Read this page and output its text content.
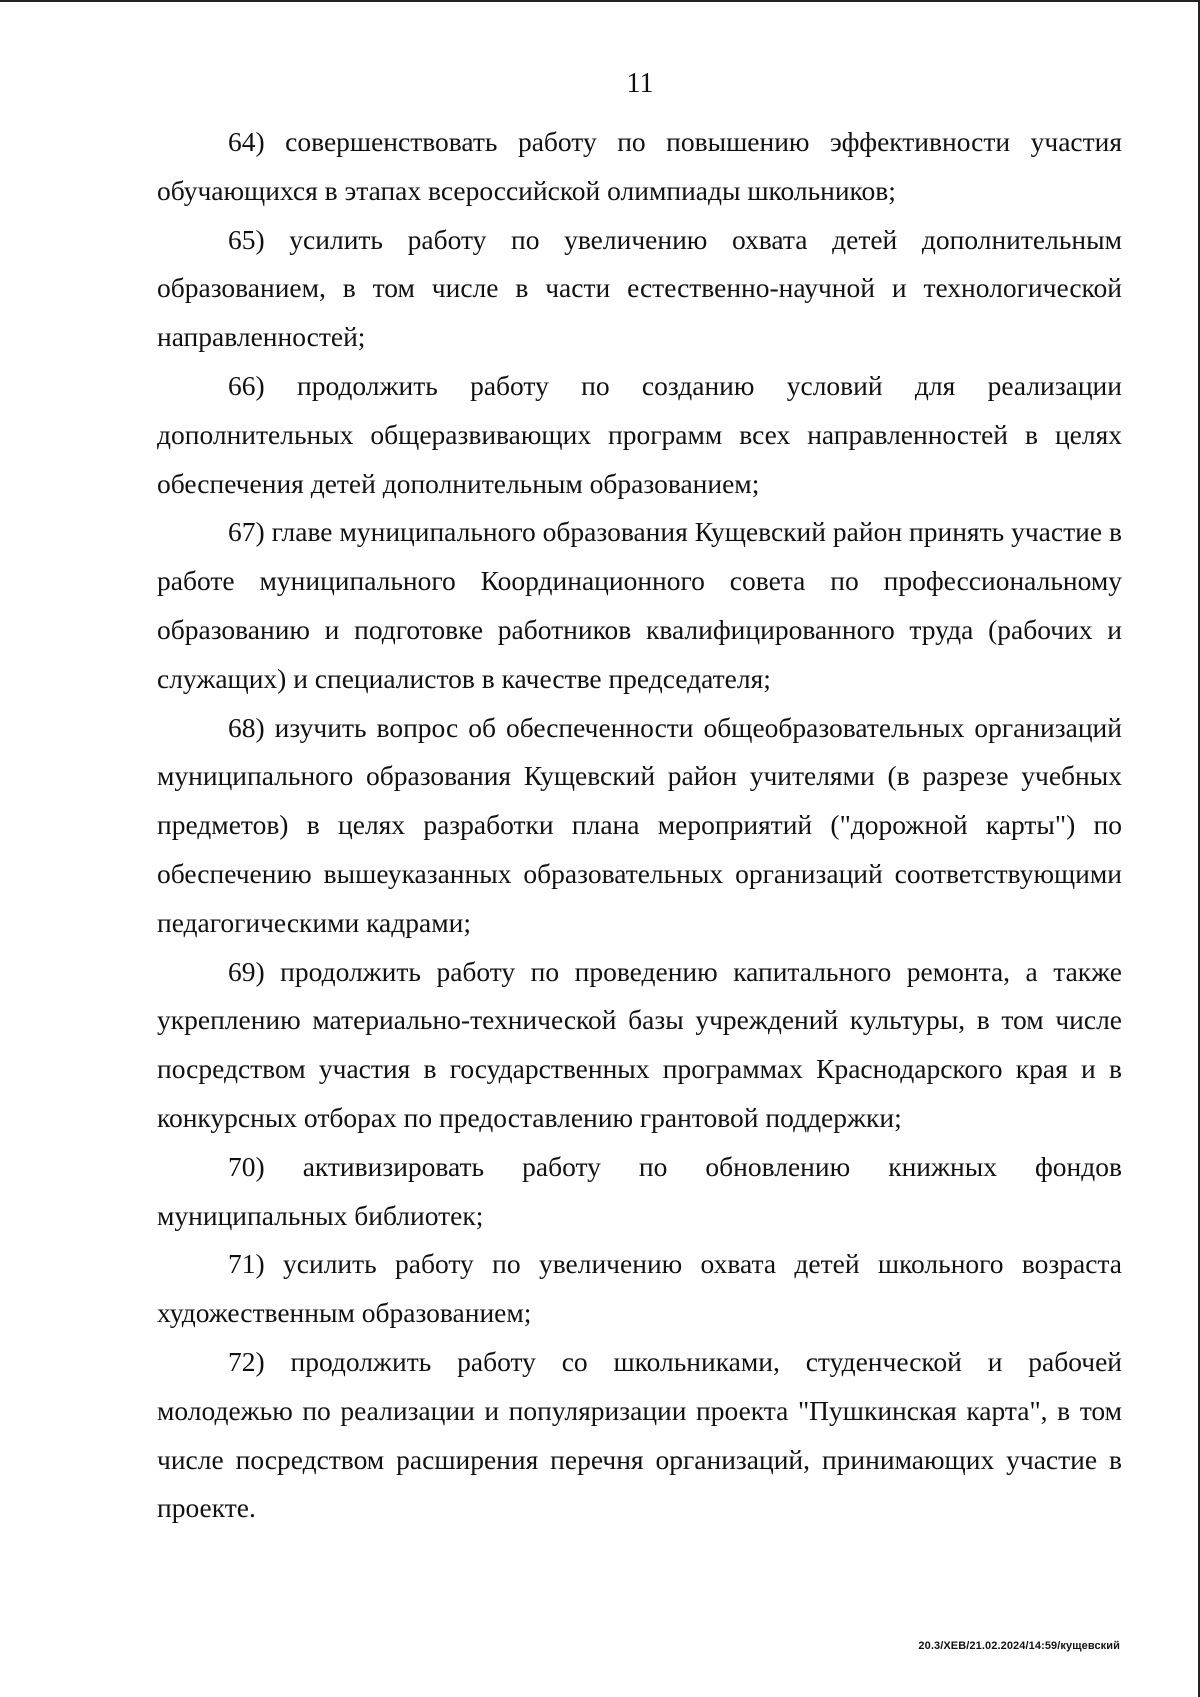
11

64) совершенствовать работу по повышению эффективности участия обучающихся в этапах всероссийской олимпиады школьников;

65) усилить работу по увеличению охвата детей дополнительным образованием, в том числе в части естественно-научной и технологической направленностей;

66) продолжить работу по созданию условий для реализации дополнительных общеразвивающих программ всех направленностей в целях обеспечения детей дополнительным образованием;

67) главе муниципального образования Кущевский район принять участие в работе муниципального Координационного совета по профессиональному образованию и подготовке работников квалифицированного труда (рабочих и служащих) и специалистов в качестве председателя;

68) изучить вопрос об обеспеченности общеобразовательных организаций муниципального образования Кущевский район учителями (в разрезе учебных предметов) в целях разработки плана мероприятий ("дорожной карты") по обеспечению вышеуказанных образовательных организаций соответствующими педагогическими кадрами;

69) продолжить работу по проведению капитального ремонта, а также укреплению материально-технической базы учреждений культуры, в том числе посредством участия в государственных программах Краснодарского края и в конкурсных отборах по предоставлению грантовой поддержки;

70) активизировать работу по обновлению книжных фондов муниципальных библиотек;

71) усилить работу по увеличению охвата детей школьного возраста художественным образованием;

72) продолжить работу со школьниками, студенческой и рабочей молодежью по реализации и популяризации проекта "Пушкинская карта", в том числе посредством расширения перечня организаций, принимающих участие в проекте.

20.3/ХЕВ/21.02.2024/14:59/кущевский
